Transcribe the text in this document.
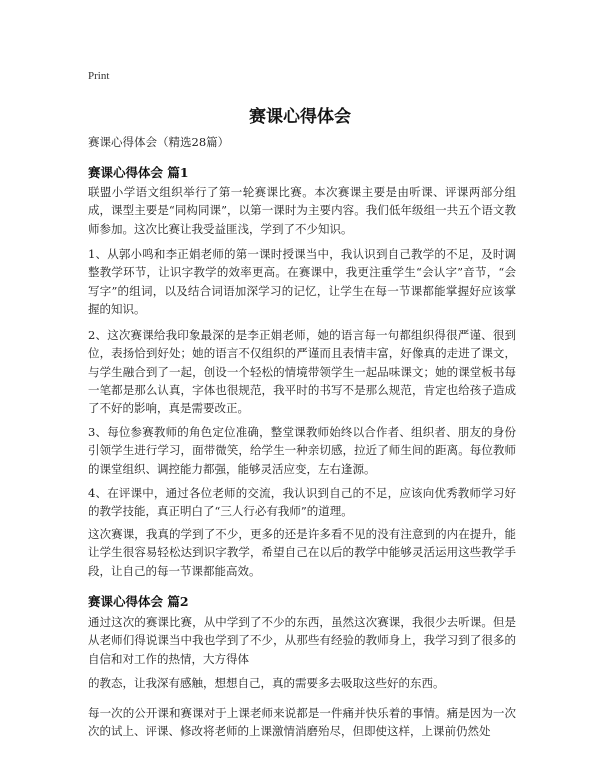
Print
赛课心得体会
赛课心得体会（精选28篇）
赛课心得体会 篇1

联盟小学语文组织举行了第一轮赛课比赛。本次赛课主要是由听课、评课两部分组成，课型主要是“同构同课”，以第一课时为主要内容。我们低年级组一共五个语文教师参加。这次比赛让我受益匪浅，学到了不少知识。

1、从郭小鸣和李正娟老师的第一课时授课当中，我认识到自己教学的不足，及时调整教学环节，让识字教学的效率更高。在赛课中，我更注重学生“会认字”音节，“会写字”的组词，以及结合词语加深学习的记忆，让学生在每一节课都能掌握好应该掌握的知识。

2、这次赛课给我印象最深的是李正娟老师，她的语言每一句都组织得很严谨、很到位，表扬恰到好处；她的语言不仅组织的严谨而且表情丰富，好像真的走进了课文，与学生融合到了一起，创设一个轻松的情境带领学生一起品味课文；她的课堂板书每一笔都是那么认真，字体也很规范，我平时的书写不是那么规范，肯定也给孩子造成了不好的影响，真是需要改正。

3、每位参赛教师的角色定位准确，整堂课教师始终以合作者、组织者、朋友的身份引领学生进行学习，面带微笑，给学生一种亲切感，拉近了师生间的距离。每位教师的课堂组织、调控能力都强，能够灵活应变，左右逢源。

4、在评课中，通过各位老师的交流，我认识到自己的不足，应该向优秀教师学习好的教学技能，真正明白了“三人行必有我师”的道理。

这次赛课，我真的学到了不少，更多的还是许多看不见的没有注意到的内在提升，能让学生很容易轻松达到识字教学，希望自己在以后的教学中能够灵活运用这些教学手段，让自己的每一节课都能高效。

赛课心得体会 篇2

通过这次的赛课比赛，从中学到了不少的东西，虽然这次赛课，我很少去听课。但是从老师们得说课当中我也学到了不少，从那些有经验的教师身上，我学习到了很多的自信和对工作的热情，大方得体

的教态，让我深有感触，想想自己，真的需要多去吸取这些好的东西。

每一次的公开课和赛课对于上课老师来说都是一件痛并快乐着的事情。痛是因为一次次的试上、评课、修改将老师的上课激情消磨殆尽，但即使这样，上课前仍然处
